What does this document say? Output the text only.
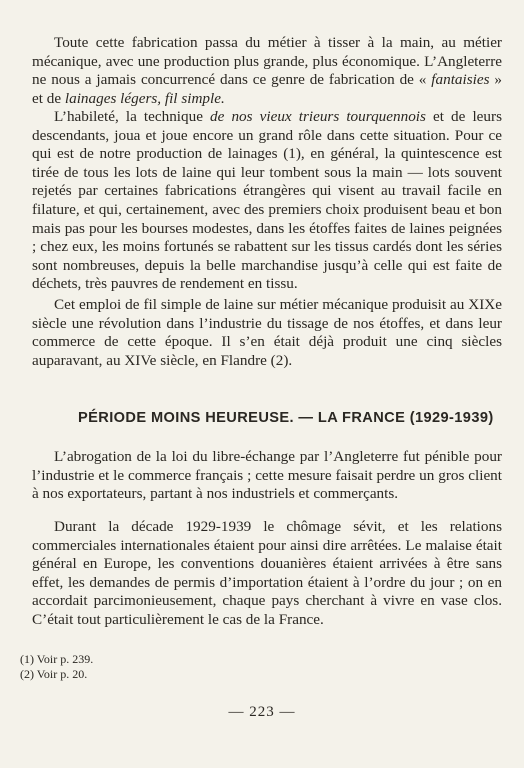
Toute cette fabrication passa du métier à tisser à la main, au métier mécanique, avec une production plus grande, plus économique. L’Angleterre ne nous a jamais concurrencé dans ce genre de fabrication de « fantaisies » et de lainages légers, fil simple.

L’habileté, la technique de nos vieux trieurs tourquennois et de leurs descendants, joua et joue encore un grand rôle dans cette situation. Pour ce qui est de notre production de lainages (1), en général, la quintescence est tirée de tous les lots de laine qui leur tombent sous la main — lots souvent rejetés par certaines fabrications étrangères qui visent au travail facile en filature, et qui, certainement, avec des premiers choix produisent beau et bon mais pas pour les bourses modestes, dans les étoffes faites de laines peignées ; chez eux, les moins fortunés se rabattent sur les tissus cardés dont les séries sont nombreuses, depuis la belle marchandise jusqu’à celle qui est faite de déchets, très pauvres de rendement en tissu.

Cet emploi de fil simple de laine sur métier mécanique produisit au XIXe siècle une révolution dans l’industrie du tissage de nos étoffes, et dans leur commerce de cette époque. Il s’en était déjà produit une cinq siècles auparavant, au XIVe siècle, en Flandre (2).

PÉRIODE MOINS HEUREUSE. — LA FRANCE (1929-1939)

L’abrogation de la loi du libre-échange par l’Angleterre fut pénible pour l’industrie et le commerce français ; cette mesure faisait perdre un gros client à nos exportateurs, partant à nos industriels et commerçants.

Durant la décade 1929-1939 le chômage sévit, et les relations commerciales internationales étaient pour ainsi dire arrêtées. Le malaise était général en Europe, les conventions douanières étaient arrivées à être sans effet, les demandes de permis d’importation étaient à l’ordre du jour ; on en accordait parcimonieusement, chaque pays cherchant à vivre en vase clos. C’était tout particulièrement le cas de la France.

(1) Voir p. 239.
(2) Voir p. 20.
— 223 —
